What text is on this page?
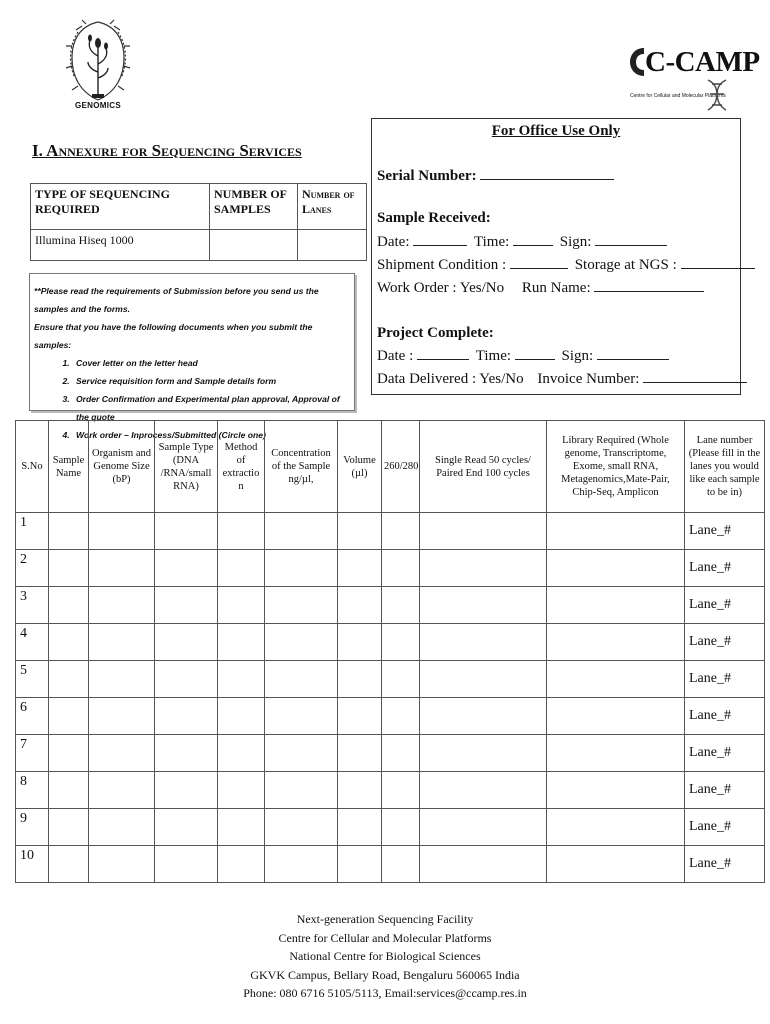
GENOMICS
C-CAMP
Centre for Cellular and Molecular Platforms
I. Annexure for Sequencing Services
TYPE OF SEQUENCING REQUIRED	NUMBER OF SAMPLES	Number of Lanes
Illumina Hiseq 1000		

**Please read the requirements of Submission before you send us the samples and the forms.

Ensure that you have the following documents when you submit the samples:

1. Cover letter on the letter head
2. Service requisition form and Sample details form
3. Order Confirmation and Experimental plan approval, Approval of the quote
4. Work order – Inprocess/Submitted (Circle one)
For Office Use Only
Serial Number:
Sample Received:
Date:	Time:	Sign:
Shipment Condition :	Storage at NGS :
Work Order : Yes/No Run Name:
Project Complete:
Date :	Time:	Sign:
Data Delivered : Yes/No Invoice Number:
S.No	Sample Name	Organism and Genome Size (bP)	Sample Type (DNA /RNA/small RNA)	Method of extractio n	Concentration of the Sample ng/µl,	Volume (µl)	260/280	Single Read 50 cycles/ Paired End 100 cycles	Library Required (Whole genome, Transcriptome, Exome, small RNA, Metagenomics,Mate-Pair, Chip-Seq, Amplicon	Lane number (Please fill in the lanes you would like each sample to be in)
1										Lane_#
2										Lane_#
3										Lane_#
4										Lane_#
5										Lane_#
6										Lane_#
7										Lane_#
8										Lane_#
9										Lane_#
10										Lane_#
Next-generation Sequencing Facility
Centre for Cellular and Molecular Platforms
National Centre for Biological Sciences
GKVK Campus, Bellary Road, Bengaluru 560065 India
Phone: 080 6716 5105/5113, Email:services@ccamp.res.in
